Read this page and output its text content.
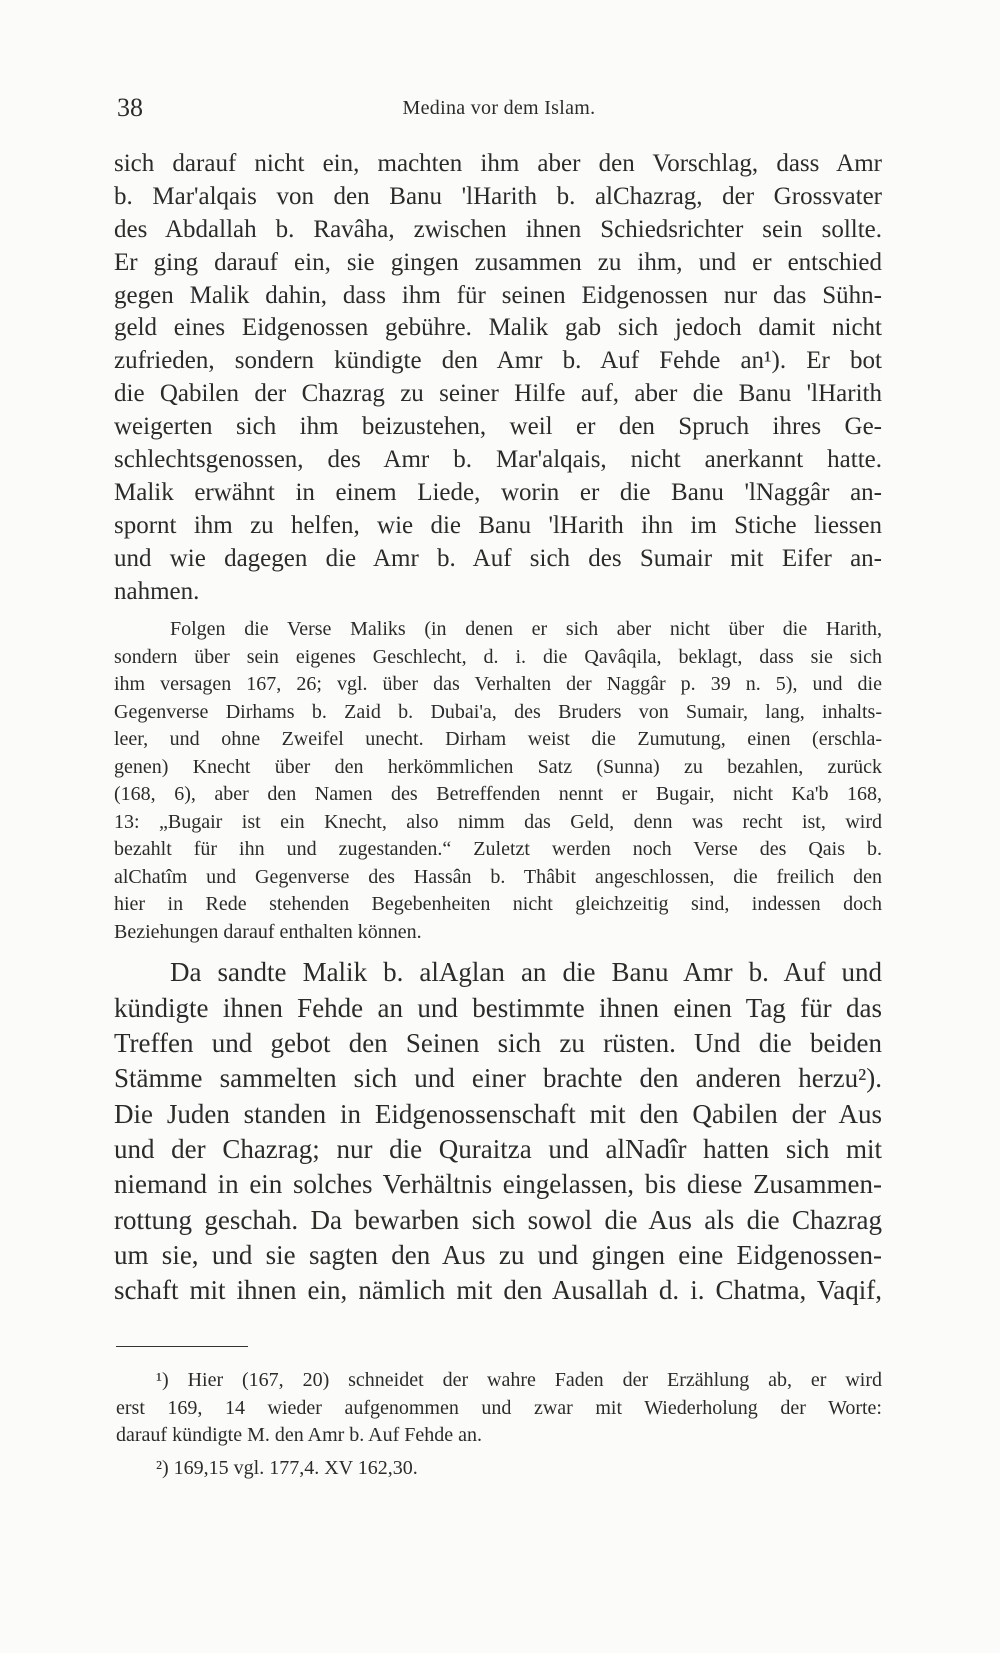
38	Medina vor dem Islam.
sich darauf nicht ein, machten ihm aber den Vorschlag, dass Amr
b. Mar'alqais von den Banu 'lHarith b. alChazrag, der Grossvater
des Abdallah b. Ravâha, zwischen ihnen Schiedsrichter sein sollte.
Er ging darauf ein, sie gingen zusammen zu ihm, und er entschied
gegen Malik dahin, dass ihm für seinen Eidgenossen nur das Sühn-
geld eines Eidgenossen gebühre. Malik gab sich jedoch damit nicht
zufrieden, sondern kündigte den Amr b. Auf Fehde an¹). Er bot
die Qabilen der Chazrag zu seiner Hilfe auf, aber die Banu 'lHarith
weigerten sich ihm beizustehen, weil er den Spruch ihres Ge-
schlechtsgenossen, des Amr b. Mar'alqais, nicht anerkannt hatte.
Malik erwähnt in einem Liede, worin er die Banu 'lNaggâr an-
spornt ihm zu helfen, wie die Banu 'lHarith ihn im Stiche liessen
und wie dagegen die Amr b. Auf sich des Sumair mit Eifer an-
nahmen.
Folgen die Verse Maliks (in denen er sich aber nicht über die Harith,
sondern über sein eigenes Geschlecht, d. i. die Qavâqila, beklagt, dass sie sich
ihm versagen 167, 26; vgl. über das Verhalten der Naggâr p. 39 n. 5), und die
Gegenverse Dirhams b. Zaid b. Dubai'a, des Bruders von Sumair, lang, inhalts-
leer, und ohne Zweifel unecht. Dirham weist die Zumutung, einen (erschla-
genen) Knecht über den herkömmlichen Satz (Sunna) zu bezahlen, zurück
(168, 6), aber den Namen des Betreffenden nennt er Bugair, nicht Ka'b 168,
13: „Bugair ist ein Knecht, also nimm das Geld, denn was recht ist, wird
bezahlt für ihn und zugestanden.“ Zuletzt werden noch Verse des Qais b.
alChatîm und Gegenverse des Hassân b. Thâbit angeschlossen, die freilich den
hier in Rede stehenden Begebenheiten nicht gleichzeitig sind, indessen doch
Beziehungen darauf enthalten können.
Da sandte Malik b. alAglan an die Banu Amr b. Auf und
kündigte ihnen Fehde an und bestimmte ihnen einen Tag für das
Treffen und gebot den Seinen sich zu rüsten. Und die beiden
Stämme sammelten sich und einer brachte den anderen herzu²).
Die Juden standen in Eidgenossenschaft mit den Qabilen der Aus
und der Chazrag; nur die Quraitza und alNadîr hatten sich mit
niemand in ein solches Verhältnis eingelassen, bis diese Zusammen-
rottung geschah. Da bewarben sich sowol die Aus als die Chazrag
um sie, und sie sagten den Aus zu und gingen eine Eidgenossen-
schaft mit ihnen ein, nämlich mit den Ausallah d. i. Chatma, Vaqif,
¹) Hier (167, 20) schneidet der wahre Faden der Erzählung ab, er wird
erst 169, 14 wieder aufgenommen und zwar mit Wiederholung der Worte:
darauf kündigte M. den Amr b. Auf Fehde an.
²) 169,15 vgl. 177,4. XV 162,30.
